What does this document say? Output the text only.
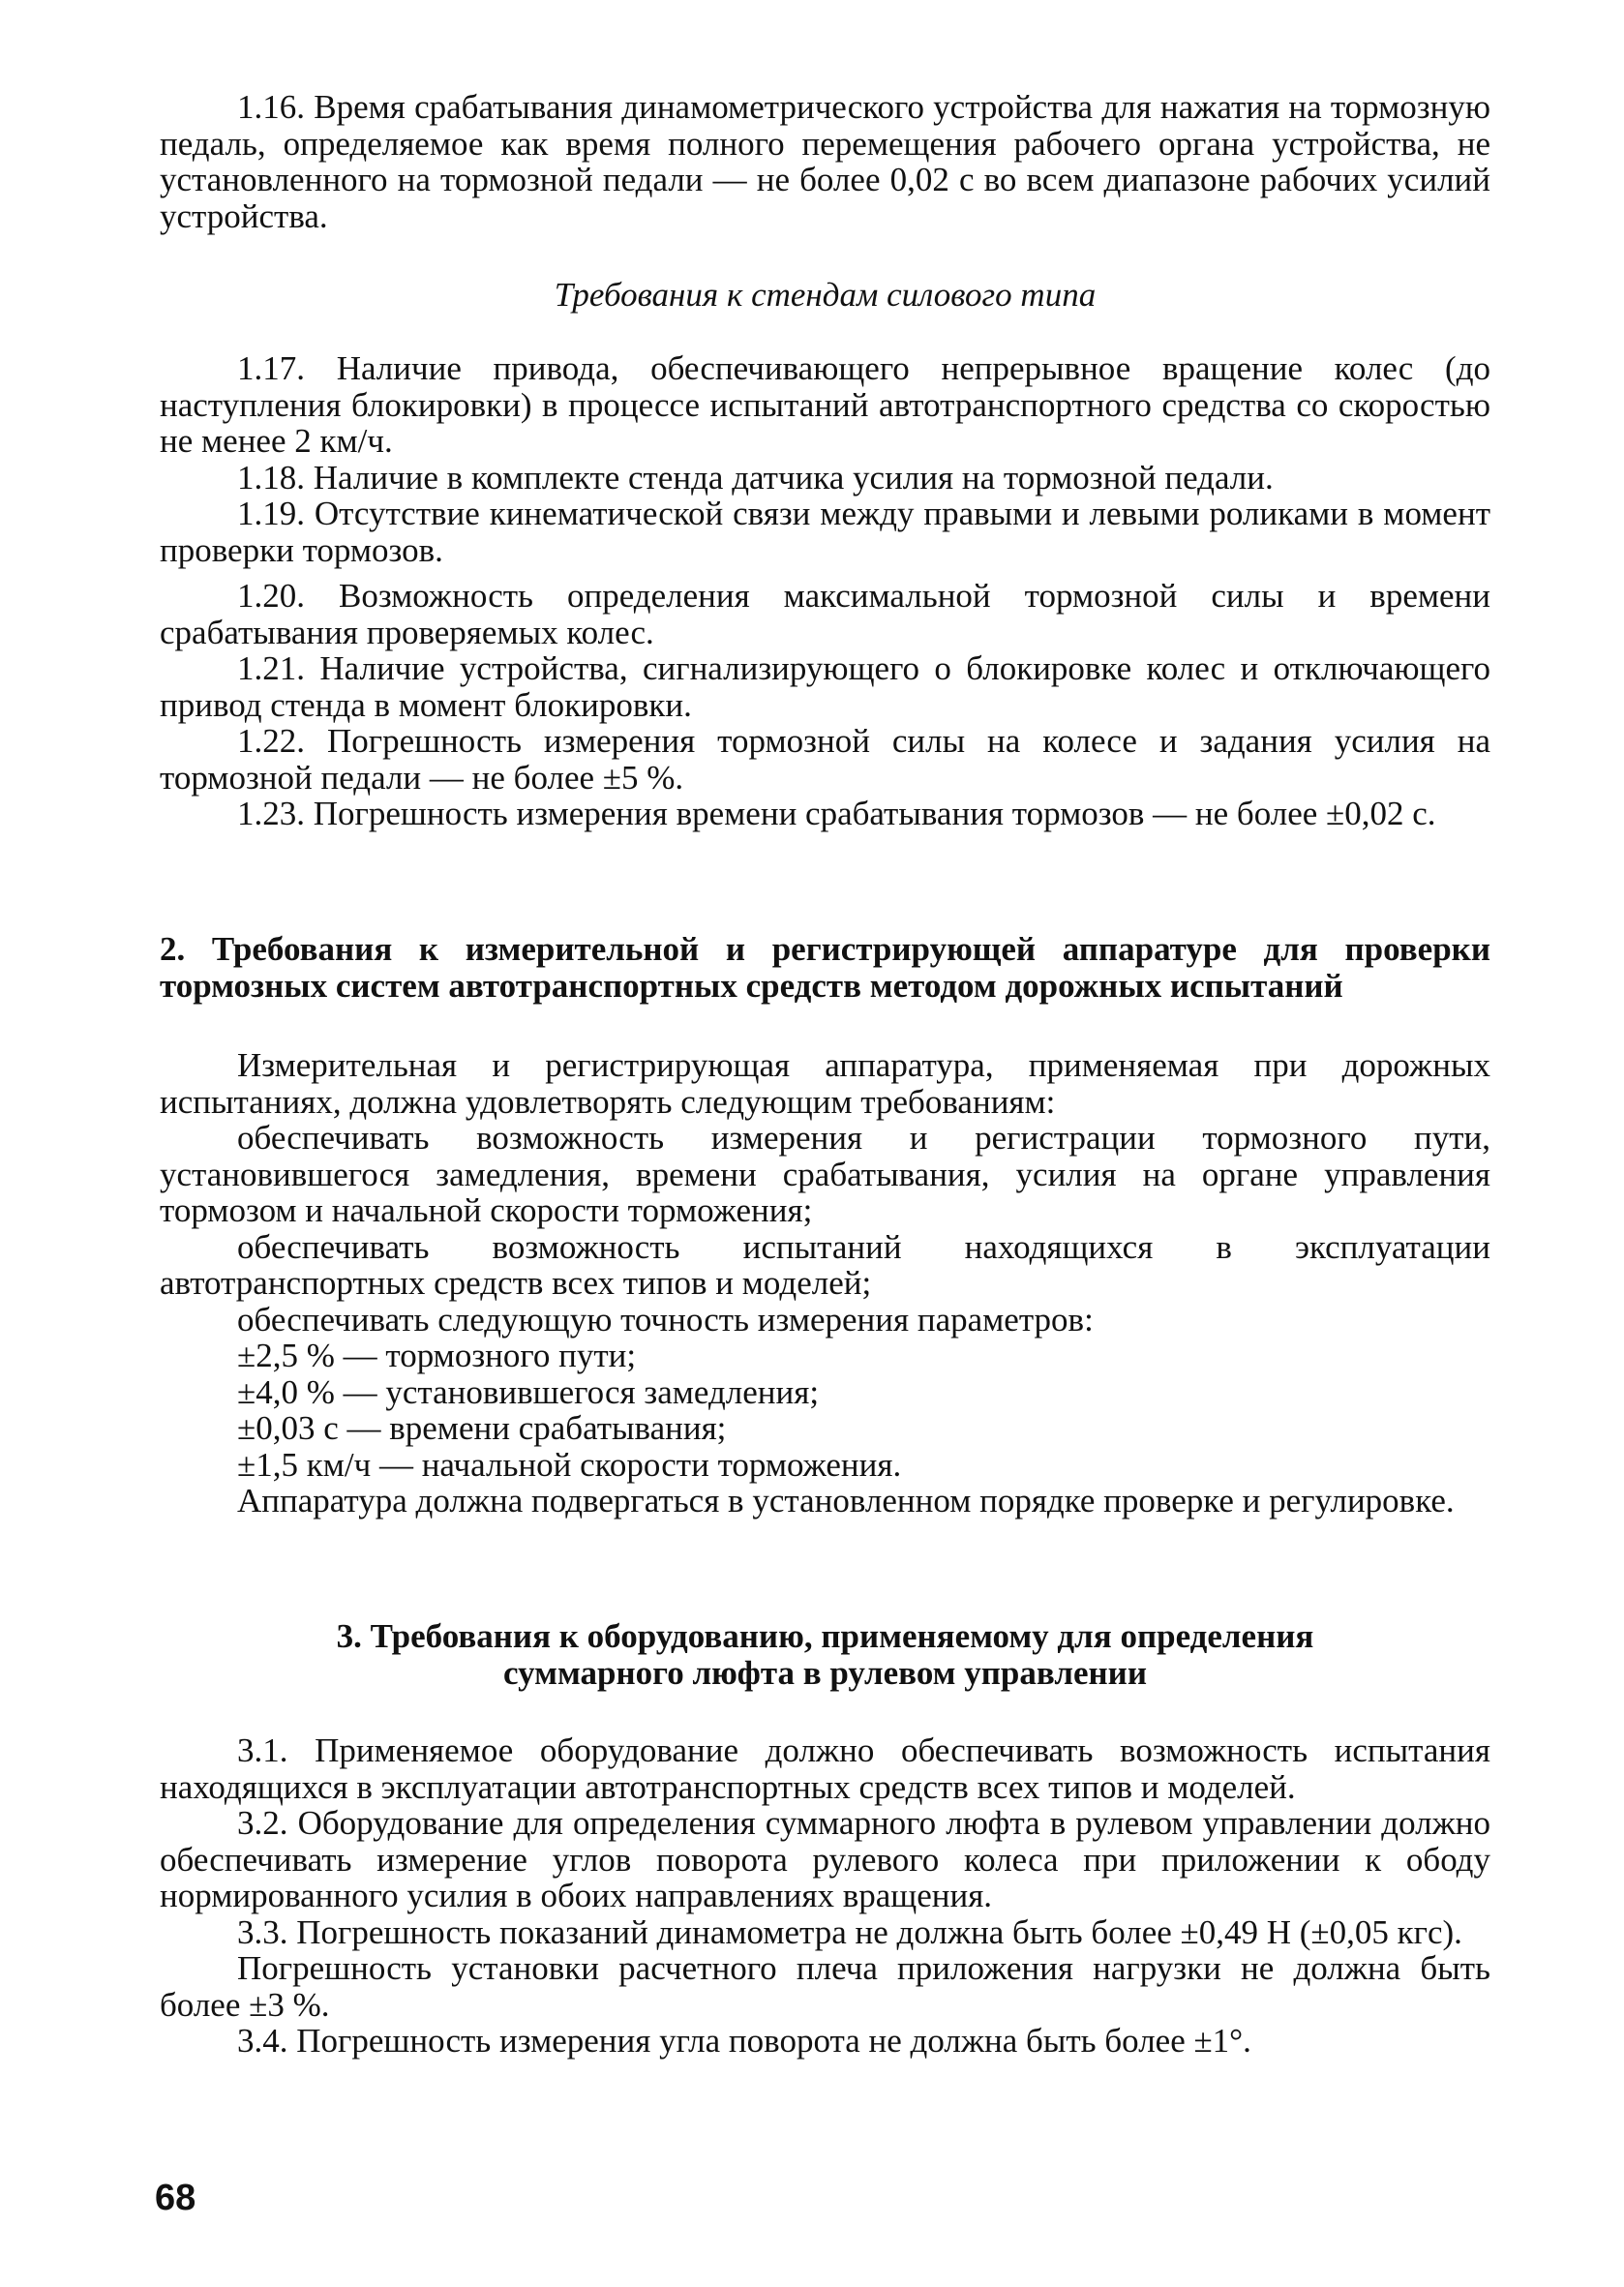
1.16. Время срабатывания динамометрического устройства для нажатия на тормозную педаль, определяемое как время полного перемещения рабочего органа устройства, не установленного на тормозной педали — не более 0,02 с во всем диапазоне рабочих усилий устройства.

Требования к стендам силового типа

1.17. Наличие привода, обеспечивающего непрерывное вращение колес (до наступления блокировки) в процессе испытаний автотранспортного средства со скоростью не менее 2 км/ч.

1.18. Наличие в комплекте стенда датчика усилия на тормозной педали.

1.19. Отсутствие кинематической связи между правыми и левыми роликами в момент проверки тормозов.

1.20. Возможность определения максимальной тормозной силы и времени срабатывания проверяемых колес.

1.21. Наличие устройства, сигнализирующего о блокировке колес и отключающего привод стенда в момент блокировки.

1.22. Погрешность измерения тормозной силы на колесе и задания усилия на тормозной педали — не более ±5 %.

1.23. Погрешность измерения времени срабатывания тормозов — не более ±0,02 с.

2. Требования к измерительной и регистрирующей аппаратуре для проверки тормозных систем автотранспортных средств методом дорожных испытаний

Измерительная и регистрирующая аппаратура, применяемая при дорожных испытаниях, должна удовлетворять следующим требованиям:

обеспечивать возможность измерения и регистрации тормозного пути, установившегося замедления, времени срабатывания, усилия на органе управления тормозом и начальной скорости торможения;

обеспечивать возможность испытаний находящихся в эксплуатации автотранспортных средств всех типов и моделей;

обеспечивать следующую точность измерения параметров:

±2,5 % — тормозного пути;

±4,0 % — установившегося замедления;

±0,03 с — времени срабатывания;

±1,5 км/ч — начальной скорости торможения.

Аппаратура должна подвергаться в установленном порядке проверке и регулировке.

3. Требования к оборудованию, применяемому для определения
суммарного люфта в рулевом управлении

3.1. Применяемое оборудование должно обеспечивать возможность испытания находящихся в эксплуатации автотранспортных средств всех типов и моделей.

3.2. Оборудование для определения суммарного люфта в рулевом управлении должно обеспечивать измерение углов поворота рулевого колеса при приложении к ободу нормированного усилия в обоих направлениях вращения.

3.3. Погрешность показаний динамометра не должна быть более ±0,49 Н (±0,05 кгс).

Погрешность установки расчетного плеча приложения нагрузки не должна быть более ±3 %.

3.4. Погрешность измерения угла поворота не должна быть более ±1°.

68
